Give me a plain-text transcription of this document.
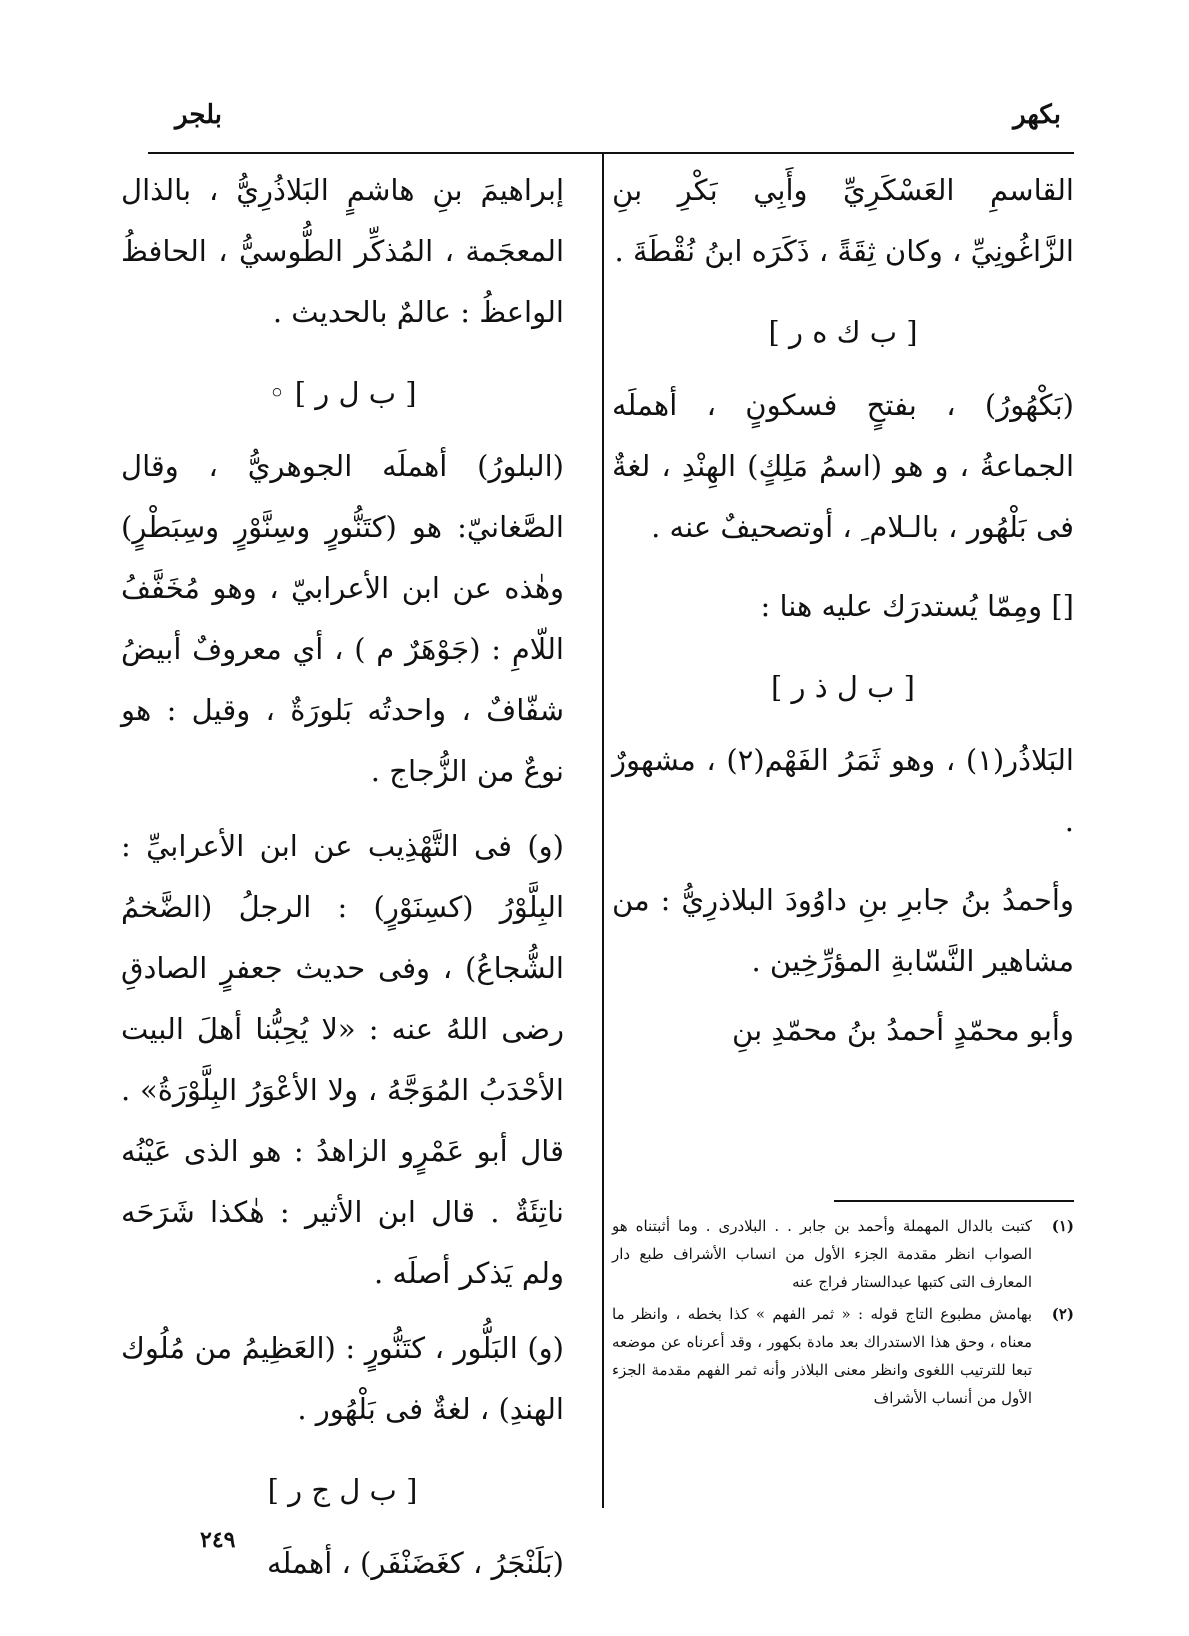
بكهر
بلجر

القاسمِ العَسْكَرِيِّ وأَبِي بَكْرِ بنِ الزَّاغُونِيِّ ، وكان ثِقَةً ، ذَكَرَه ابنُ نُقْطَةَ .

[ ب ك ه ر ]

(بَكْهُورُ) ، بفتحٍ فسكونٍ ، أهملَه الجماعةُ ، و هو (اسمُ مَلِكٍ) الهِنْدِ ، لغةٌ فى بَلْهُور ، بالـلام ِ ، أوتصحيفٌ عنه .

[] ومِمّا يُستدرَك عليه هنا :

[ ب ل ذ ر ]

البَلاذُر(١) ، وهو ثَمَرُ الفَهْم(٢) ، مشهورٌ .

وأحمدُ بنُ جابرِ بنِ داوُودَ البلاذرِيُّ : من مشاهير النَّسّابةِ المؤرِّخِين .

وأبو محمّدٍ أحمدُ بنُ محمّدِ بنِ

(١)
كتبت بالدال المهملة وأحمد بن جابر . . البلادرى . وما أثبتناه هو الصواب انظر مقدمة الجزء الأول من انساب الأشراف طبع دار المعارف التى كتبها عبدالستار فراج عنه
(٢)
بهامش مطبوع التاج قوله : « ثمر الفهم » كذا بخطه ، وانظر ما معناه ، وحق هذا الاستدراك بعد مادة بكهور ، وقد أعرناه عن موضعه تبعا للترتيب اللغوى وانظر معنى البلاذر وأنه ثمر الفهم مقدمة الجزء الأول من أنساب الأشراف

إبراهيمَ بنِ هاشمٍ البَلاذُرِيُّ ، بالذال المعجَمة ، المُذكِّر الطُّوسيُّ ، الحافظُ الواعظُ : عالمٌ بالحديث .

[ ب ل ر ] ◦

(البلورُ) أهملَه الجوهريُّ ، وقال الصَّغانيّ: هو (كتَنُّورٍ وسِنَّوْرٍ وسِبَطْرٍ) وهٰذه عن ابن الأعرابيّ ، وهو مُخَفَّفُ اللّامِ : (جَوْهَرٌ م ) ، أي معروفٌ أبيضُ شفّافٌ ، واحدتُه بَلورَةٌ ، وقيل : هو نوعٌ من الزُّجاج .

(و) فى التَّهْذِيب عن ابن الأعرابيِّ : البِلَّوْرُ (كسِنَوْرٍ) : الرجلُ (الضَّخمُ الشُّجاعُ) ، وفى حديث جعفرٍ الصادقِ رضى اللهُ عنه : «لا يُحِبُّنا أهلَ البيت الأحْدَبُ المُوَجَّهُ ، ولا الأعْوَرُ البِلَّوْرَةُ» . قال أبو عَمْرٍو الزاهدُ : هو الذى عَيْنُه ناتِئَةٌ . قال ابن الأثير : هٰكذا شَرَحَه ولم يَذكر أصلَه .

(و) البَلُّور ، كتَنُّورٍ : (العَظِيمُ من مُلُوك الهندِ) ، لغةٌ فى بَلْهُور .

[ ب ل ج ر ]

(بَلَنْجَرُ ، كغَضَنْفَر) ، أهملَه

٢٤٩
